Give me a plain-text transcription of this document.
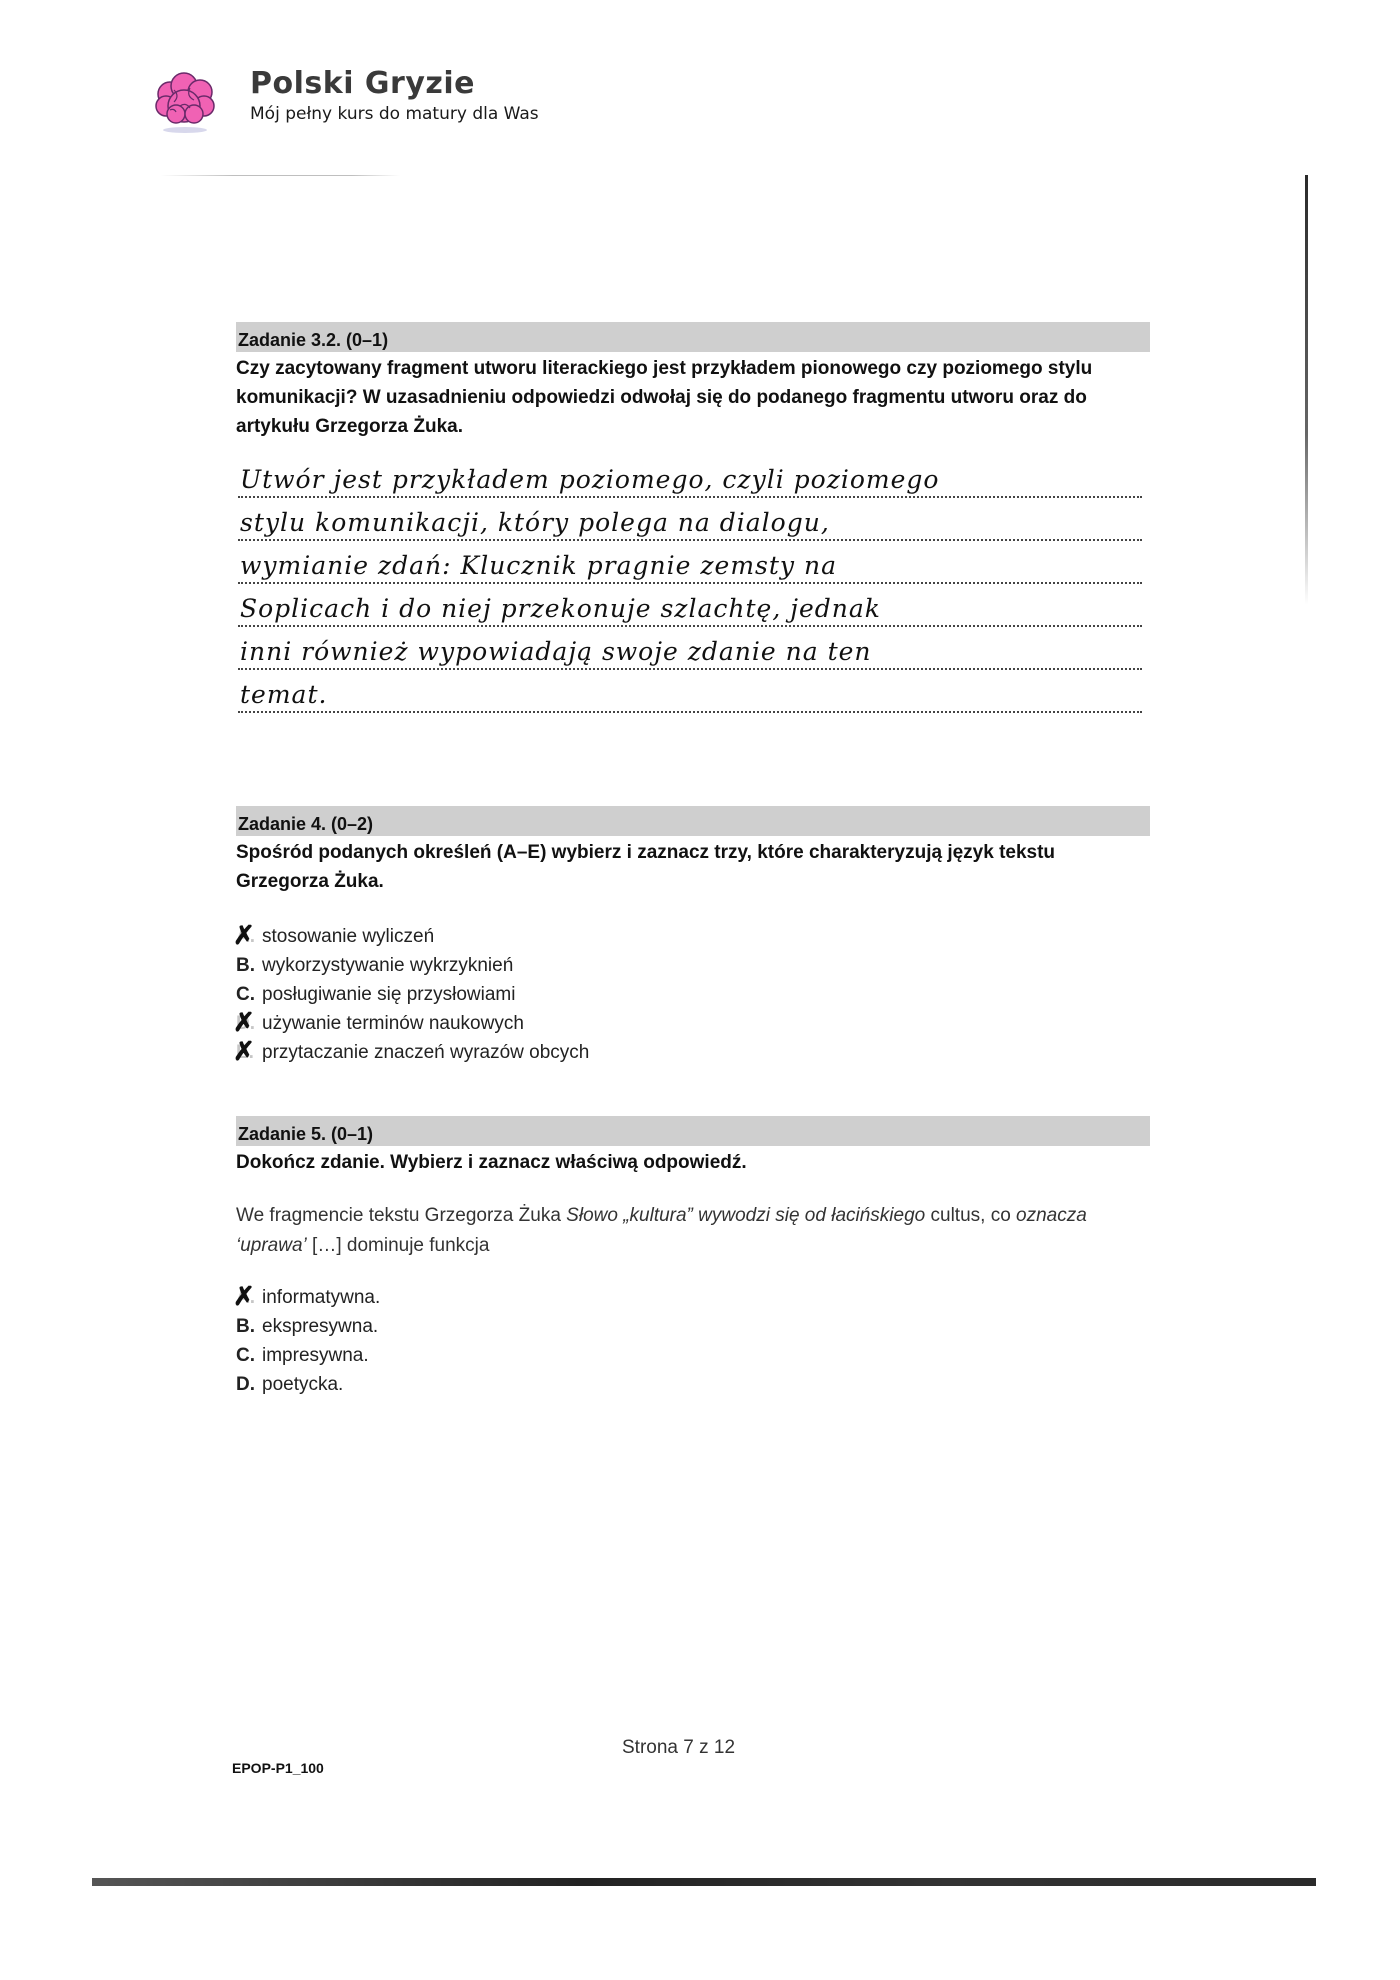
Polski Gryzie
Mój pełny kurs do matury dla Was
Zadanie 3.2. (0–1)
Czy zacytowany fragment utworu literackiego jest przykładem pionowego czy poziomego stylu komunikacji? W uzasadnieniu odpowiedzi odwołaj się do podanego fragmentu utworu oraz do artykułu Grzegorza Żuka.
Utwór jest przykładem poziomego, czyli poziomego
stylu komunikacji, który polega na dialogu,
wymianie zdań: Klucznik pragnie zemsty na
Soplicach i do niej przekonuje szlachtę, jednak
inni również wypowiadają swoje zdanie na ten
temat.
Zadanie 4. (0–2)
Spośród podanych określeń (A–E) wybierz i zaznacz trzy, które charakteryzują język tekstu Grzegorza Żuka.
A. ✗ stosowanie wyliczeń
B. wykorzystywanie wykrzyknień
C. posługiwanie się przysłowiami
D. ✗ używanie terminów naukowych
E. ✗ przytaczanie znaczeń wyrazów obcych
Zadanie 5. (0–1)
Dokończ zdanie. Wybierz i zaznacz właściwą odpowiedź.
We fragmencie tekstu Grzegorza Żuka Słowo „kultura” wywodzi się od łacińskiego cultus, co oznacza ‘uprawa’ […] dominuje funkcja
A. ✗ informatywna.
B. ekspresywna.
C. impresywna.
D. poetycka.
Strona 7 z 12
EPOP-P1_100
